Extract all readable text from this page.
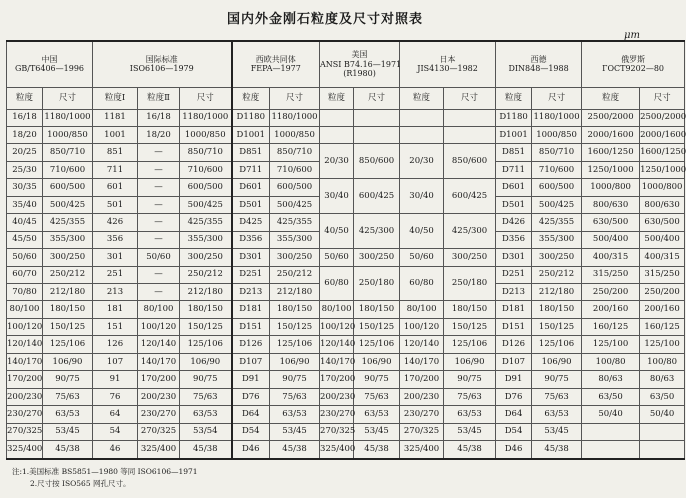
国内外金刚石粒度及尺寸对照表
μm
中国
GB/T6406—1996		国际标准
ISO6106—1979			西欧共同体
FEPA—1977		美国
ANSI B74.16—1971
(R1980)		日本
JIS4130—1982		西德
DIN848—1988		俄罗斯
ГОСТ9202—80	
粒度	尺寸	粒度Ⅰ	粒度Ⅱ	尺寸	粒度	尺寸	粒度	尺寸	粒度	尺寸	粒度	尺寸	粒度	尺寸
16/18	1180/1000	1181	16/18	1180/1000	D1180	1180/1000					D1180	1180/1000	2500/2000	2500/2000
18/20	1000/850	1001	18/20	1000/850	D1001	1000/850					D1001	1000/850	2000/1600	2000/1600
20/25	850/710	851	—	850/710	D851	850/710	20/30	850/600	20/30	850/600	D851	850/710	1600/1250	1600/1250
25/30	710/600	711	—	710/600	D711	710/600					D711	710/600	1250/1000	1250/1000
30/35	600/500	601	—	600/500	D601	600/500	30/40	600/425	30/40	600/425	D601	600/500	1000/800	1000/800
35/40	500/425	501	—	500/425	D501	500/425					D501	500/425	800/630	800/630
40/45	425/355	426	—	425/355	D425	425/355	40/50	425/300	40/50	425/300	D426	425/355	630/500	630/500
45/50	355/300	356	—	355/300	D356	355/300					D356	355/300	500/400	500/400
50/60	300/250	301	50/60	300/250	D301	300/250	50/60	300/250	50/60	300/250	D301	300/250	400/315	400/315
60/70	250/212	251	—	250/212	D251	250/212	60/80	250/180	60/80	250/180	D251	250/212	315/250	315/250
70/80	212/180	213	—	212/180	D213	212/180					D213	212/180	250/200	250/200
80/100	180/150	181	80/100	180/150	D181	180/150	80/100	180/150	80/100	180/150	D181	180/150	200/160	200/160
100/120	150/125	151	100/120	150/125	D151	150/125	100/120	150/125	100/120	150/125	D151	150/125	160/125	160/125
120/140	125/106	126	120/140	125/106	D126	125/106	120/140	125/106	120/140	125/106	D126	125/106	125/100	125/100
140/170	106/90	107	140/170	106/90	D107	106/90	140/170	106/90	140/170	106/90	D107	106/90	100/80	100/80
170/200	90/75	91	170/200	90/75	D91	90/75	170/200	90/75	170/200	90/75	D91	90/75	80/63	80/63
200/230	75/63	76	200/230	75/63	D76	75/63	200/230	75/63	200/230	75/63	D76	75/63	63/50	63/50
230/270	63/53	64	230/270	63/53	D64	63/53	230/270	63/53	230/270	63/53	D64	63/53	50/40	50/40
270/325	53/45	54	270/325	53/54	D54	53/45	270/325	53/45	270/325	53/45	D54	53/45		
325/400	45/38	46	325/400	45/38	D46	45/38	325/400	45/38	325/400	45/38	D46	45/38		
注:1.美国标准 BS5851—1980 等同 ISO6106—1971
2.尺寸按 ISO565 网孔尺寸。
